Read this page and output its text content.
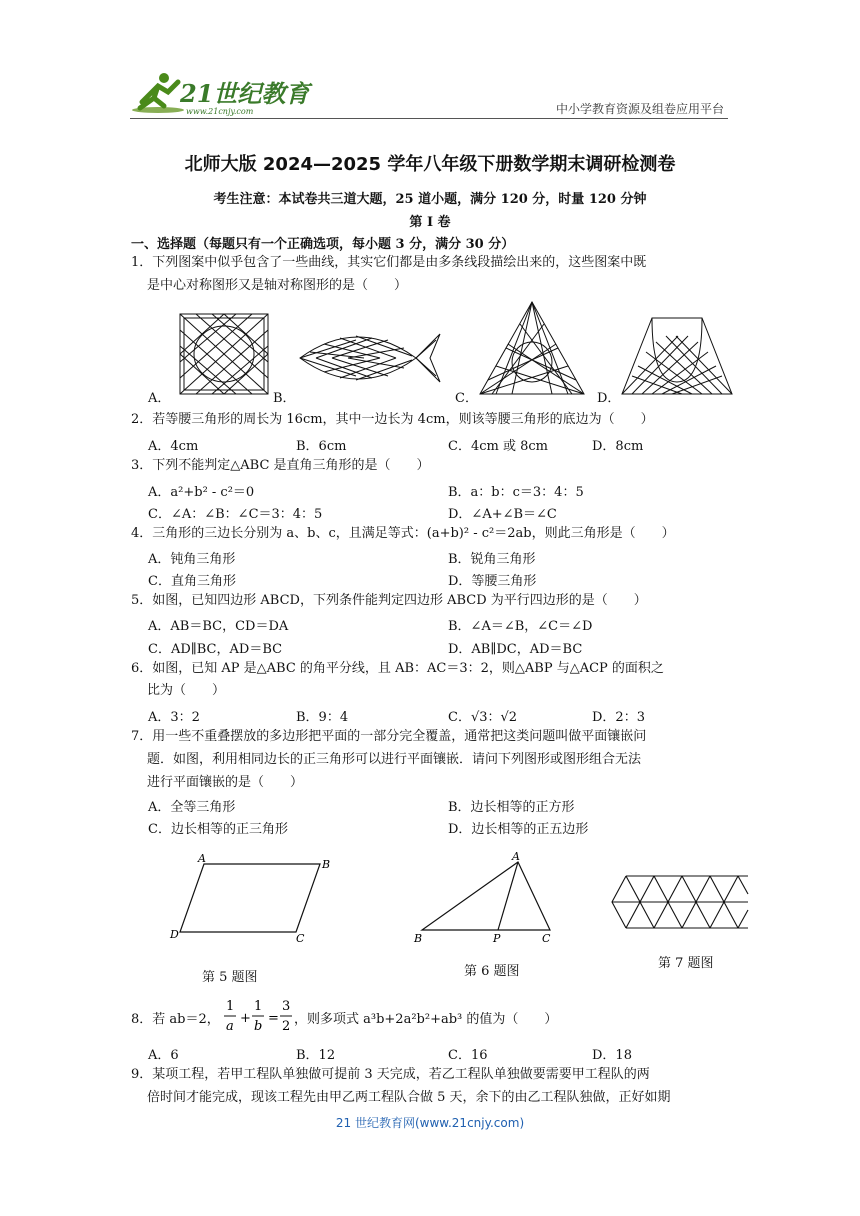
21世纪教育
www.21cnjy.com	中小学教育资源及组卷应用平台
北师大版 2024—2025 学年八年级下册数学期末调研检测卷
考生注意：本试卷共三道大题，25 道小题，满分 120 分，时量 120 分钟
第 I 卷
一、选择题（每题只有一个正确选项，每小题 3 分，满分 30 分）
1．下列图案中似乎包含了一些曲线，其实它们都是由多条线段描绘出来的，这些图案中既
是中心对称图形又是轴对称图形的是（　　）
A．	B．	C．	D．
2．若等腰三角形的周长为 16cm，其中一边长为 4cm，则该等腰三角形的底边为（　　）
A．4cm	B．6cm	C．4cm 或 8cm	D．8cm
3．下列不能判定△ABC 是直角三角形的是（　　）
A．a²+b² - c²＝0	B．a：b：c＝3：4：5
C．∠A：∠B：∠C＝3：4：5	D．∠A+∠B＝∠C
4．三角形的三边长分别为 a、b、c，且满足等式：(a+b)² - c²＝2ab，则此三角形是（　　）
A．钝角三角形	B．锐角三角形
C．直角三角形	D．等腰三角形
5．如图，已知四边形 ABCD，下列条件能判定四边形 ABCD 为平行四边形的是（　　）
A．AB＝BC，CD＝DA	B．∠A＝∠B，∠C＝∠D
C．AD∥BC，AD＝BC	D．AB∥DC，AD＝BC
6．如图，已知 AP 是△ABC 的角平分线，且 AB：AC＝3：2，则△ABP 与△ACP 的面积之
比为（　　）
A．3：2	B．9：4	C．√3：√2	D．2：3
7．用一些不重叠摆放的多边形把平面的一部分完全覆盖，通常把这类问题叫做平面镶嵌问
题．如图，利用相同边长的正三角形可以进行平面镶嵌．请问下列图形或图形组合无法
进行平面镶嵌的是（　　）
A．全等三角形	B．边长相等的正方形
C．边长相等的正三角形	D．边长相等的正五边形
A	B
C
D
第 5 题图
A
B	P	C
第 6 题图
第 7 题图
8．若 ab＝2，
1
a
+
1
b
=
3
2 ，则多项式 a³b+2a²b²+ab³ 的值为（　　）
A．6	B．12	C．16	D．18
9．某项工程，若甲工程队单独做可提前 3 天完成，若乙工程队单独做要需要甲工程队的两
倍时间才能完成，现该工程先由甲乙两工程队合做 5 天，余下的由乙工程队独做，正好如期
21 世纪教育网(www.21cnjy.com)
